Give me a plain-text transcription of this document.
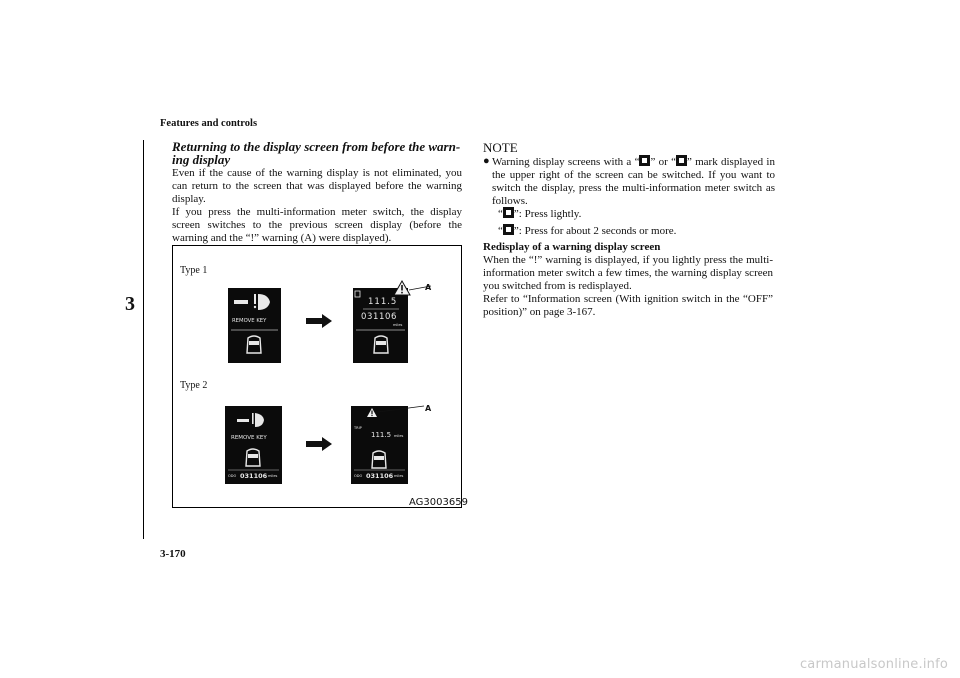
Features and controls
3
Returning to the display screen from before the warn-ing display
Even if the cause of the warning display is not eliminated, you can return to the screen that was displayed before the warning display.
If you press the multi-information meter switch, the display screen switches to the previous screen display (before the warning and the “!” warning (A) were displayed).
Type 1
Type 2
REMOVE KEY
111.5
031106
miles
A
REMOVE KEY
ODO 031106 miles
TRIP
111.5 miles
ODO 031106 miles
A
AG3003659
NOTE
● Warning display screens with a “ ” or “ ” mark displayed in the upper right of the screen can be switched. If you want to switch the display, press the multi-information meter switch as follows.
“ ”: Press lightly.
“ ”: Press for about 2 seconds or more.
Redisplay of a warning display screen
When the “!” warning is displayed, if you lightly press the multi-information meter switch a few times, the warning display screen you switched from is redisplayed.
Refer to “Information screen (With ignition switch in the “OFF” position)” on page 3-167.
3-170
carmanualsonline.info
